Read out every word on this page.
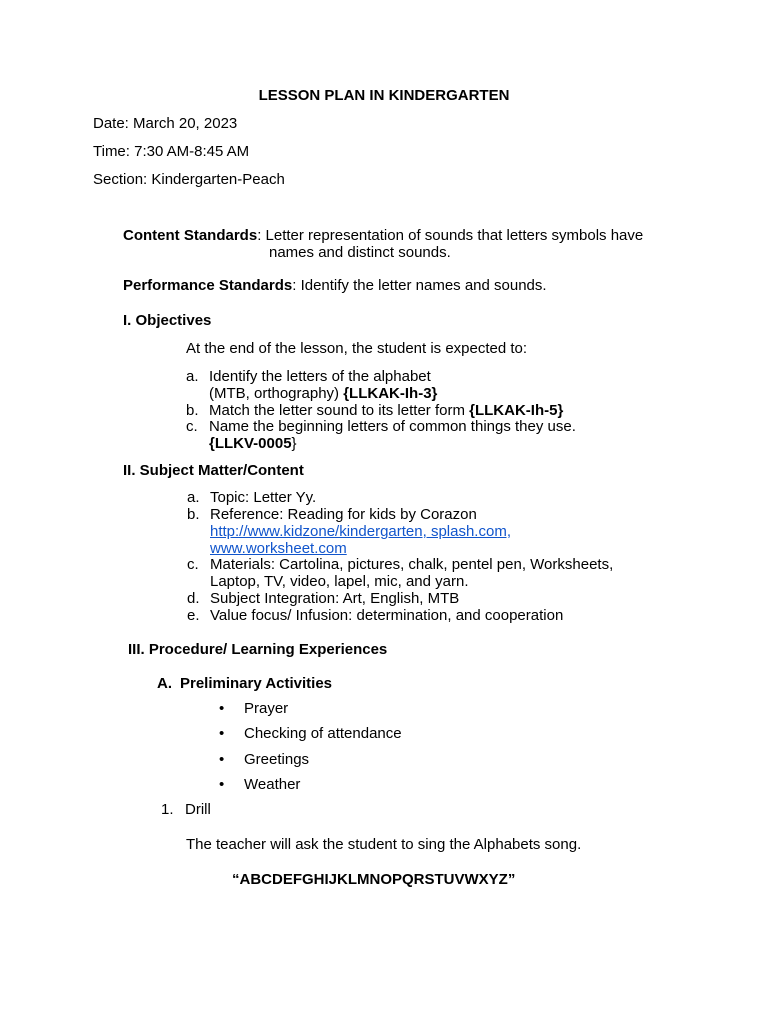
LESSON PLAN IN KINDERGARTEN
Date: March 20, 2023
Time: 7:30 AM-8:45 AM
Section: Kindergarten-Peach
Content Standards: Letter representation of sounds that letters symbols have
names and distinct sounds.
Performance Standards: Identify the letter names and sounds.
I. Objectives
At the end of the lesson, the student is expected to:
a. Identify the letters of the alphabet
(MTB, orthography) {LLKAK-Ih-3}
b. Match the letter sound to its letter form {LLKAK-Ih-5}
c. Name the beginning letters of common things they use.
{LLKV-0005}
II. Subject Matter/Content
a. Topic: Letter Yy.
b. Reference: Reading for kids by Corazon
http://www.kidzone/kindergarten, splash.com,
www.worksheet.com
c. Materials: Cartolina, pictures, chalk, pentel pen, Worksheets,
Laptop, TV, video, lapel, mic, and yarn.
d. Subject Integration: Art, English, MTB
e. Value focus/ Infusion: determination, and cooperation
III. Procedure/ Learning Experiences
A. Preliminary Activities
• Prayer
• Checking of attendance
• Greetings
• Weather
1. Drill
The teacher will ask the student to sing the Alphabets song.
“ABCDEFGHIJKLMNOPQRSTUVWXYZ”
